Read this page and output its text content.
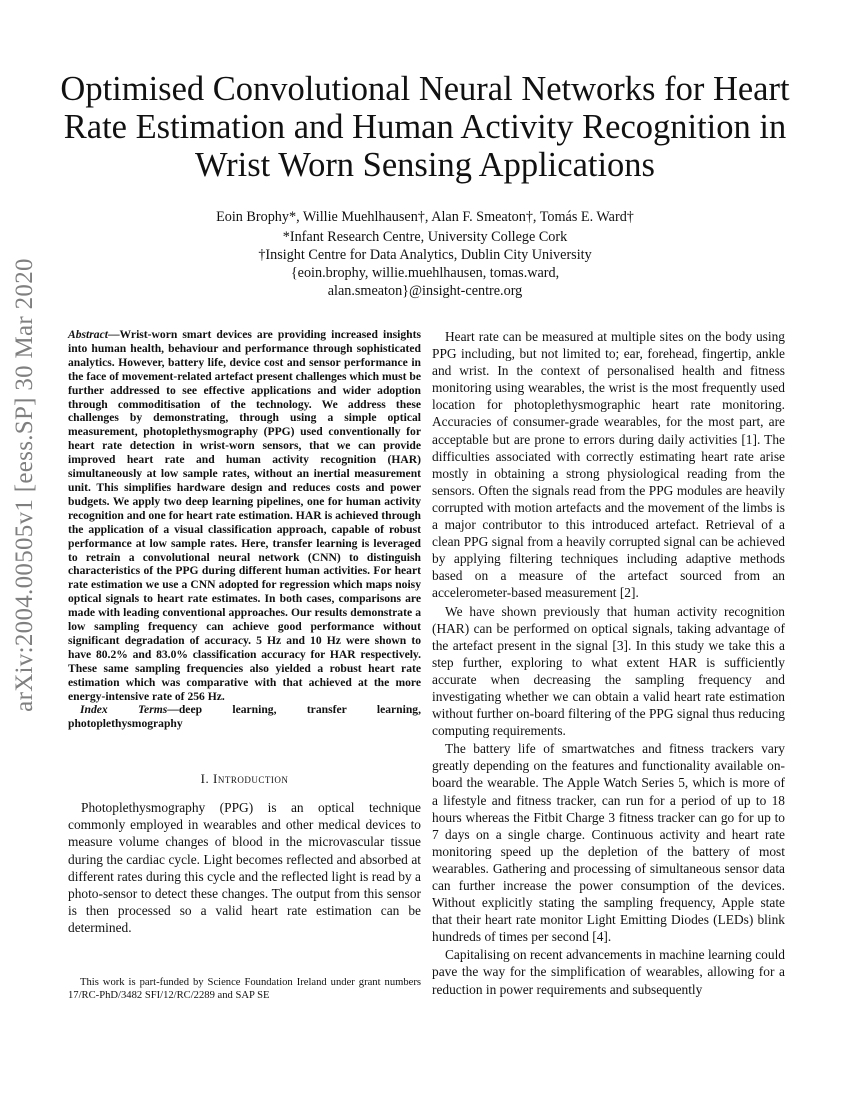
arXiv:2004.00505v1 [eess.SP] 30 Mar 2020
Optimised Convolutional Neural Networks for Heart Rate Estimation and Human Activity Recognition in Wrist Worn Sensing Applications
Eoin Brophy*, Willie Muehlhausen†, Alan F. Smeaton†, Tomás E. Ward†
*Infant Research Centre, University College Cork
†Insight Centre for Data Analytics, Dublin City University
{eoin.brophy, willie.muehlhausen, tomas.ward,
alan.smeaton}@insight-centre.org

Abstract—Wrist-worn smart devices are providing increased insights into human health, behaviour and performance through sophisticated analytics. However, battery life, device cost and sensor performance in the face of movement-related artefact present challenges which must be further addressed to see effective applications and wider adoption through commoditisation of the technology. We address these challenges by demonstrating, through using a simple optical measurement, photoplethysmography (PPG) used conventionally for heart rate detection in wrist-worn sensors, that we can provide improved heart rate and human activity recognition (HAR) simultaneously at low sample rates, without an inertial measurement unit. This simplifies hardware design and reduces costs and power budgets. We apply two deep learning pipelines, one for human activity recognition and one for heart rate estimation. HAR is achieved through the application of a visual classification approach, capable of robust performance at low sample rates. Here, transfer learning is leveraged to retrain a convolutional neural network (CNN) to distinguish characteristics of the PPG during different human activities. For heart rate estimation we use a CNN adopted for regression which maps noisy optical signals to heart rate estimates. In both cases, comparisons are made with leading conventional approaches. Our results demonstrate a low sampling frequency can achieve good performance without significant degradation of accuracy. 5 Hz and 10 Hz were shown to have 80.2% and 83.0% classification accuracy for HAR respectively. These same sampling frequencies also yielded a robust heart rate estimation which was comparative with that achieved at the more energy-intensive rate of 256 Hz.

Index Terms—deep learning, transfer learning, photoplethysmography

I. Introduction

Photoplethysmography (PPG) is an optical technique commonly employed in wearables and other medical devices to measure volume changes of blood in the microvascular tissue during the cardiac cycle. Light becomes reflected and absorbed at different rates during this cycle and the reflected light is read by a photo-sensor to detect these changes. The output from this sensor is then processed so a valid heart rate estimation can be determined.

This work is part-funded by Science Foundation Ireland under grant numbers 17/RC-PhD/3482 SFI/12/RC/2289 and SAP SE

Heart rate can be measured at multiple sites on the body using PPG including, but not limited to; ear, forehead, fingertip, ankle and wrist. In the context of personalised health and fitness monitoring using wearables, the wrist is the most frequently used location for photoplethysmographic heart rate monitoring. Accuracies of consumer-grade wearables, for the most part, are acceptable but are prone to errors during daily activities [1]. The difficulties associated with correctly estimating heart rate arise mostly in obtaining a strong physiological reading from the sensors. Often the signals read from the PPG modules are heavily corrupted with motion artefacts and the movement of the limbs is a major contributor to this introduced artefact. Retrieval of a clean PPG signal from a heavily corrupted signal can be achieved by applying filtering techniques including adaptive methods based on a measure of the artefact sourced from an accelerometer-based measurement [2].

We have shown previously that human activity recognition (HAR) can be performed on optical signals, taking advantage of the artefact present in the signal [3]. In this study we take this a step further, exploring to what extent HAR is sufficiently accurate when decreasing the sampling frequency and investigating whether we can obtain a valid heart rate estimation without further on-board filtering of the PPG signal thus reducing computing requirements.

The battery life of smartwatches and fitness trackers vary greatly depending on the features and functionality available on-board the wearable. The Apple Watch Series 5, which is more of a lifestyle and fitness tracker, can run for a period of up to 18 hours whereas the Fitbit Charge 3 fitness tracker can go for up to 7 days on a single charge. Continuous activity and heart rate monitoring speed up the depletion of the battery of most wearables. Gathering and processing of simultaneous sensor data can further increase the power consumption of the devices. Without explicitly stating the sampling frequency, Apple state that their heart rate monitor Light Emitting Diodes (LEDs) blink hundreds of times per second [4].

Capitalising on recent advancements in machine learning could pave the way for the simplification of wearables, allowing for a reduction in power requirements and subsequently
